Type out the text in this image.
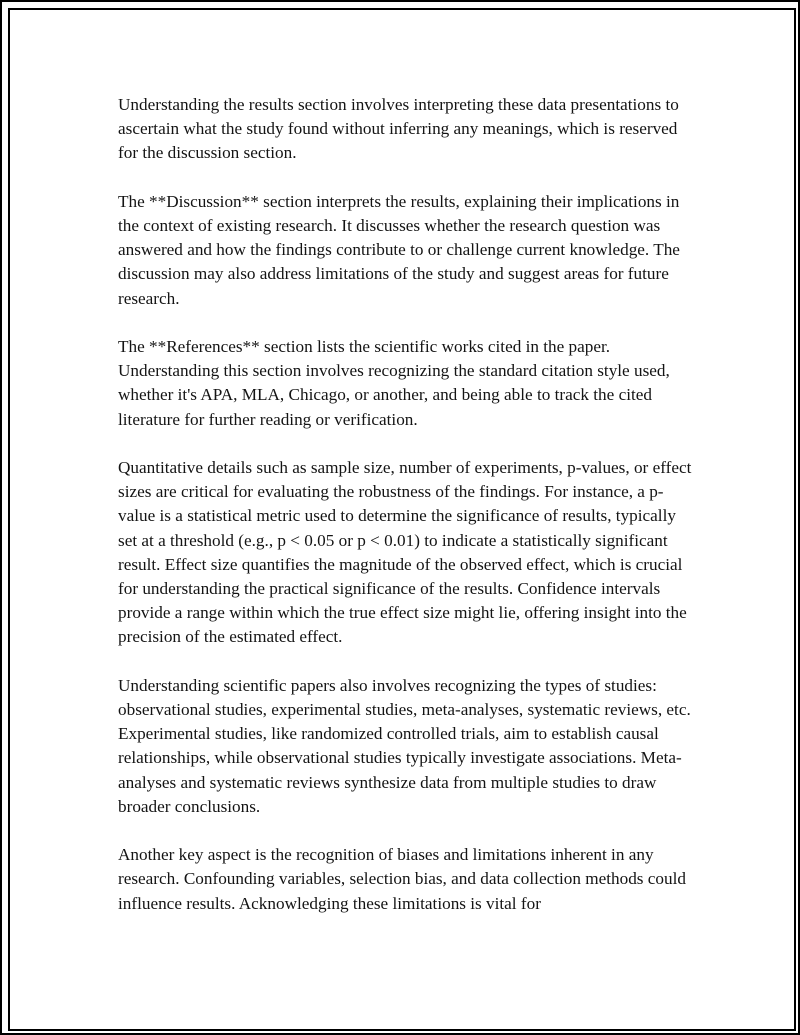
Understanding the results section involves interpreting these data presentations to ascertain what the study found without inferring any meanings, which is reserved for the discussion section.

The **Discussion** section interprets the results, explaining their implications in the context of existing research. It discusses whether the research question was answered and how the findings contribute to or challenge current knowledge. The discussion may also address limitations of the study and suggest areas for future research.

The **References** section lists the scientific works cited in the paper. Understanding this section involves recognizing the standard citation style used, whether it's APA, MLA, Chicago, or another, and being able to track the cited literature for further reading or verification.

Quantitative details such as sample size, number of experiments, p-values, or effect sizes are critical for evaluating the robustness of the findings. For instance, a p-value is a statistical metric used to determine the significance of results, typically set at a threshold (e.g., p < 0.05 or p < 0.01) to indicate a statistically significant result. Effect size quantifies the magnitude of the observed effect, which is crucial for understanding the practical significance of the results. Confidence intervals provide a range within which the true effect size might lie, offering insight into the precision of the estimated effect.

Understanding scientific papers also involves recognizing the types of studies: observational studies, experimental studies, meta-analyses, systematic reviews, etc. Experimental studies, like randomized controlled trials, aim to establish causal relationships, while observational studies typically investigate associations. Meta-analyses and systematic reviews synthesize data from multiple studies to draw broader conclusions.

Another key aspect is the recognition of biases and limitations inherent in any research. Confounding variables, selection bias, and data collection methods could influence results. Acknowledging these limitations is vital for
